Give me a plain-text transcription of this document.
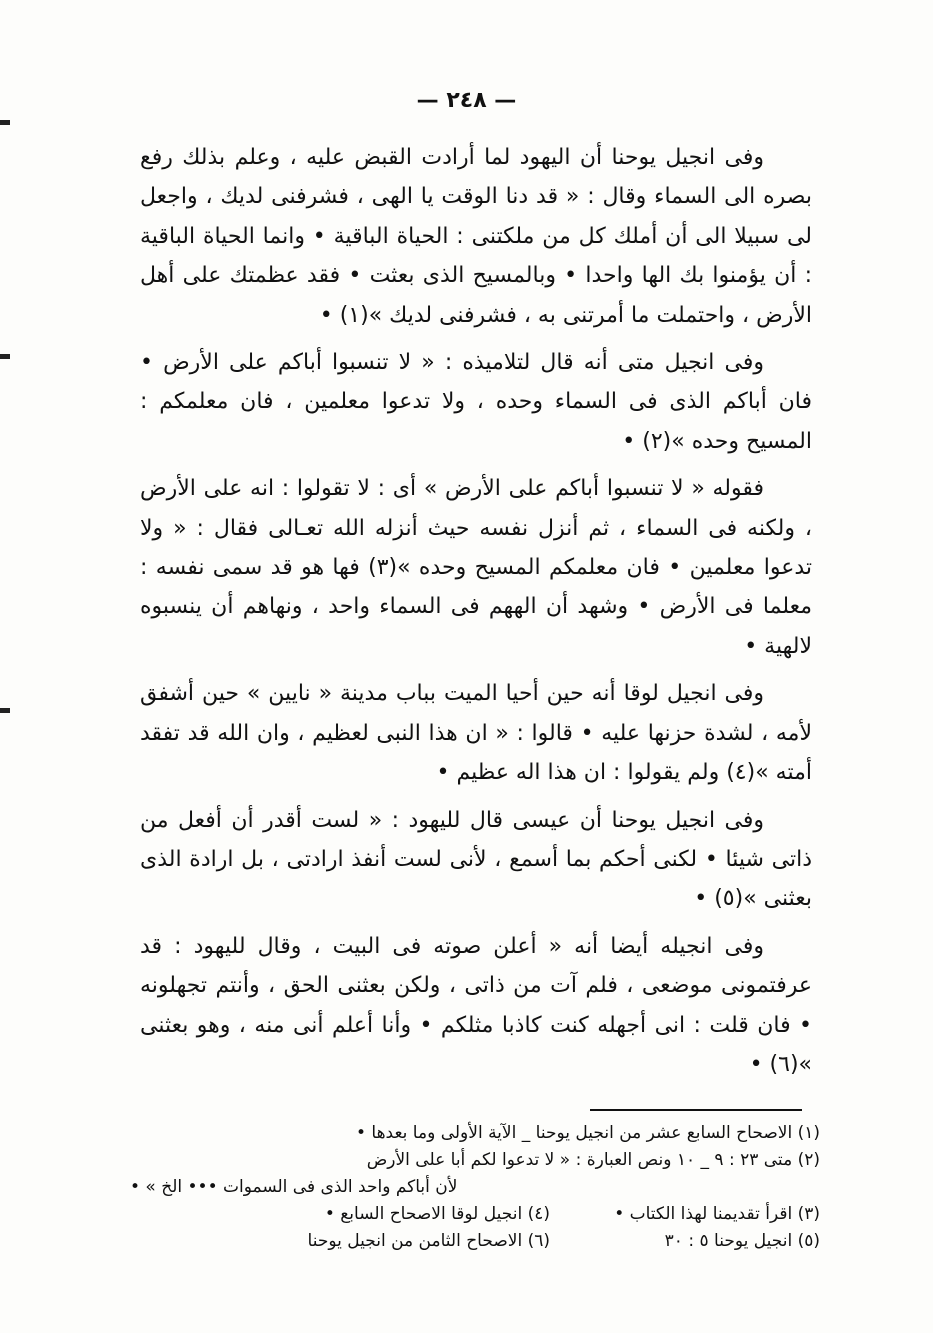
— ٢٤٨ —

وفى انجيل يوحنا أن اليهود لما أرادت القبض عليه ، وعلم بذلك رفع بصره الى السماء وقال : « قد دنا الوقت يا الهى ، فشرفنى لديك ، واجعل لى سبيلا الى أن أملك كل من ملكتنى : الحياة الباقية • وانما الحياة الباقية : أن يؤمنوا بك الها واحدا • وبالمسيح الذى بعثت • فقد عظمتك على أهل الأرض ، واحتملت ما أمرتنى به ، فشرفنى لديك »(١) •

وفى انجيل متى أنه قال لتلاميذه : « لا تنسبوا أباكم على الأرض • فان أباكم الذى فى السماء وحده ، ولا تدعوا معلمين ، فان معلمكم : المسيح وحده »(٢) •

فقوله « لا تنسبوا أباكم على الأرض » أى : لا تقولوا : انه على الأرض ، ولكنه فى السماء ، ثم أنزل نفسه حيث أنزله الله تعـالى فقال : « ولا تدعوا معلمين • فان معلمكم المسيح وحده »(٣) فها هو قد سمى نفسه : معلما فى الأرض • وشهد أن الههم فى السماء واحد ، ونهاهم أن ينسبوه لالهية •

وفى انجيل لوقا أنه حين أحيا الميت بباب مدينة « نايين » حين أشفق لأمه ، لشدة حزنها عليه • قالوا : « ان هذا النبى لعظيم ، وان الله قد تفقد أمته »(٤) ولم يقولوا : ان هذا اله عظيم •

وفى انجيل يوحنا أن عيسى قال لليهود : « لست أقدر أن أفعل من ذاتى شيئا • لكنى أحكم بما أسمع ، لأنى لست أنفذ ارادتى ، بل ارادة الذى بعثنى »(٥) •

وفى انجيله أيضا أنه « أعلن صوته فى البيت ، وقال لليهود : قد عرفتمونى موضعى ، فلم آت من ذاتى ، ولكن بعثنى الحق ، وأنتم تجهلونه • فان قلت : انى أجهله كنت كاذبا مثلكم • وأنا أعلم أنى منه ، وهو بعثنى »(٦) •

(١) الاصحاح السابع عشر من انجيل يوحنا _ الآية الأولى وما بعدها •
(٢) متى ٢٣ : ٩ _ ١٠ ونص العبارة : « لا تدعوا لكم أبا على الأرض
لأن أباكم واحد الذى فى السموات ••• الخ » •
(٣) اقرأ تقديمنا لهذا الكتاب •
(٤) انجيل لوقا الاصحاح السابع •
(٥) انجيل يوحنا ٥ : ٣٠
(٦) الاصحاح الثامن من انجيل يوحنا
